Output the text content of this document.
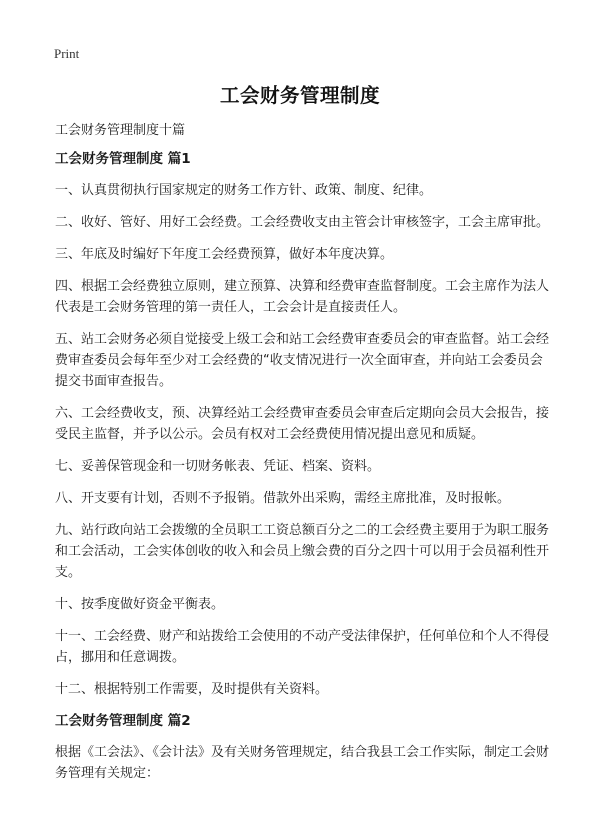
Print
工会财务管理制度

工会财务管理制度十篇

工会财务管理制度 篇1

一、认真贯彻执行国家规定的财务工作方针、政策、制度、纪律。

二、收好、管好、用好工会经费。工会经费收支由主管会计审核签字，工会主席审批。

三、年底及时编好下年度工会经费预算，做好本年度决算。

四、根据工会经费独立原则，建立预算、决算和经费审查监督制度。工会主席作为法人代表是工会财务管理的第一责任人，工会会计是直接责任人。

五、站工会财务必须自觉接受上级工会和站工会经费审查委员会的审查监督。站工会经费审查委员会每年至少对工会经费的“收支情况进行一次全面审查，并向站工会委员会提交书面审查报告。

六、工会经费收支，预、决算经站工会经费审查委员会审查后定期向会员大会报告，接受民主监督，并予以公示。会员有权对工会经费使用情况提出意见和质疑。

七、妥善保管现金和一切财务帐表、凭证、档案、资料。

八、开支要有计划，否则不予报销。借款外出采购，需经主席批准，及时报帐。

九、站行政向站工会拨缴的全员职工工资总额百分之二的工会经费主要用于为职工服务和工会活动，工会实体创收的收入和会员上缴会费的百分之四十可以用于会员福利性开支。

十、按季度做好资金平衡表。

十一、工会经费、财产和站拨给工会使用的不动产受法律保护，任何单位和个人不得侵占，挪用和任意调拨。

十二、根据特别工作需要，及时提供有关资料。

工会财务管理制度 篇2

根据《工会法》、《会计法》及有关财务管理规定，结合我县工会工作实际，制定工会财务管理有关规定：
